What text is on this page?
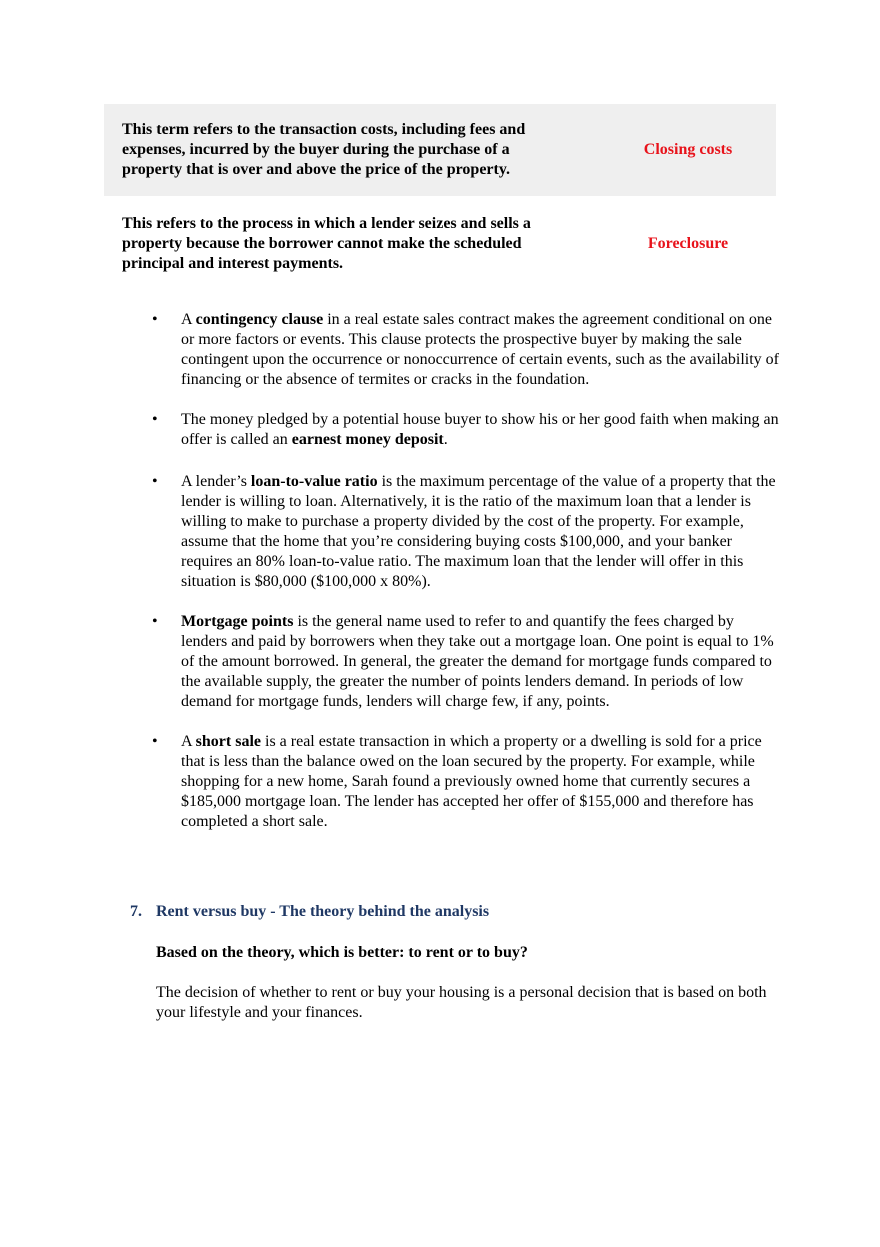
This term refers to the transaction costs, including fees and expenses, incurred by the buyer during the purchase of a property that is over and above the price of the property.
Closing costs
This refers to the process in which a lender seizes and sells a property because the borrower cannot make the scheduled principal and interest payments.
Foreclosure
• A contingency clause in a real estate sales contract makes the agreement conditional on one or more factors or events. This clause protects the prospective buyer by making the sale contingent upon the occurrence or nonoccurrence of certain events, such as the availability of financing or the absence of termites or cracks in the foundation.
• The money pledged by a potential house buyer to show his or her good faith when making an offer is called an earnest money deposit.
• A lender’s loan-to-value ratio is the maximum percentage of the value of a property that the lender is willing to loan. Alternatively, it is the ratio of the maximum loan that a lender is willing to make to purchase a property divided by the cost of the property. For example, assume that the home that you’re considering buying costs $100,000, and your banker requires an 80% loan-to-value ratio. The maximum loan that the lender will offer in this situation is $80,000 ($100,000 x 80%).
• Mortgage points is the general name used to refer to and quantify the fees charged by lenders and paid by borrowers when they take out a mortgage loan. One point is equal to 1% of the amount borrowed. In general, the greater the demand for mortgage funds compared to the available supply, the greater the number of points lenders demand. In periods of low demand for mortgage funds, lenders will charge few, if any, points.
• A short sale is a real estate transaction in which a property or a dwelling is sold for a price that is less than the balance owed on the loan secured by the property. For example, while shopping for a new home, Sarah found a previously owned home that currently secures a $185,000 mortgage loan. The lender has accepted her offer of $155,000 and therefore has completed a short sale.
7. Rent versus buy - The theory behind the analysis
Based on the theory, which is better: to rent or to buy?
The decision of whether to rent or buy your housing is a personal decision that is based on both your lifestyle and your finances.
